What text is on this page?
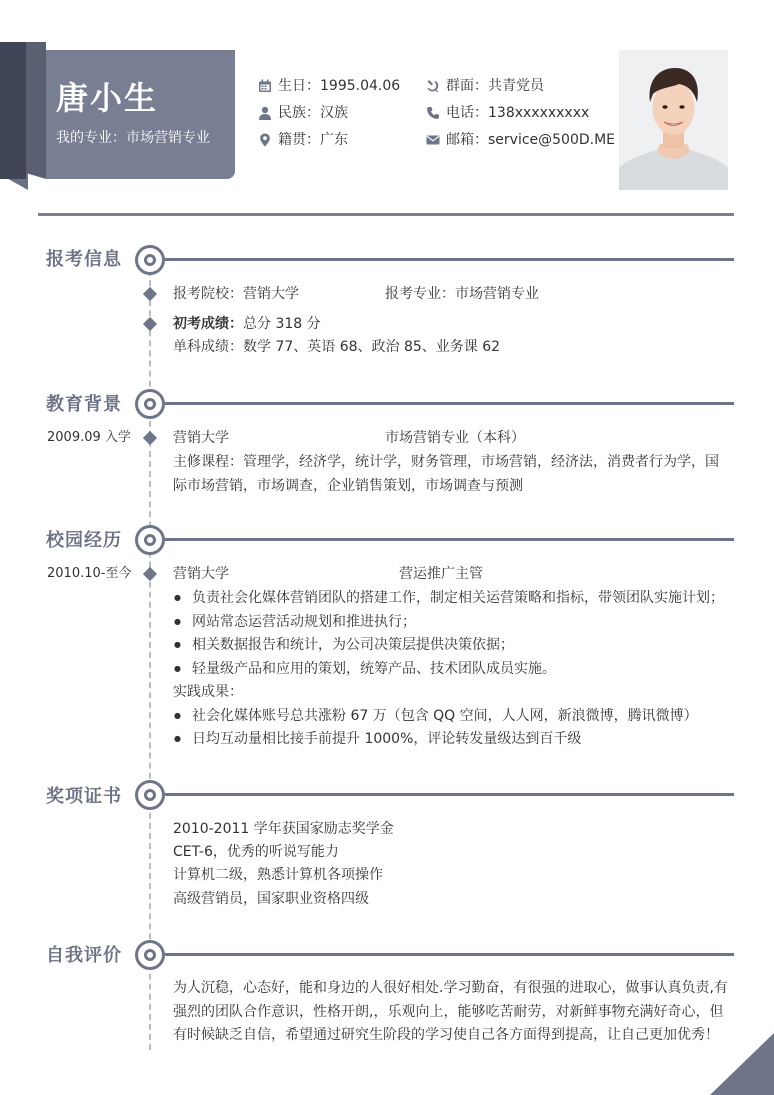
唐小生
我的专业：市场营销专业
生日：1995.04.06	群面：共青党员
民族：汉族	电话：138xxxxxxxxx
籍贯：广东	邮箱：service@500D.ME
报考信息
报考院校：营销大学	报考专业：市场营销专业
初考成绩：总分 318 分
单科成绩：数学 77、英语 68、政治 85、业务课 62
教育背景
2009.09 入学	营销大学	市场营销专业（本科）
主修课程：管理学，经济学，统计学，财务管理，市场营销，经济法，消费者行为学，国际市场营销，市场调查，企业销售策划，市场调查与预测
校园经历
2010.10-至今	营销大学	营运推广主管
● 负责社会化媒体营销团队的搭建工作，制定相关运营策略和指标，带领团队实施计划；
● 网站常态运营活动规划和推进执行；
● 相关数据报告和统计，为公司决策层提供决策依据；
● 轻量级产品和应用的策划，统筹产品、技术团队成员实施。
实践成果：
● 社会化媒体账号总共涨粉 67 万（包含 QQ 空间，人人网，新浪微博，腾讯微博）
● 日均互动量相比接手前提升 1000%，评论转发量级达到百千级
奖项证书
2010-2011 学年获国家励志奖学金
CET-6，优秀的听说写能力
计算机二级，熟悉计算机各项操作
高级营销员，国家职业资格四级
自我评价
为人沉稳，心态好，能和身边的人很好相处.学习勤奋，有很强的进取心，做事认真负责,有强烈的团队合作意识，性格开朗,，乐观向上，能够吃苦耐劳，对新鲜事物充满好奇心，但有时候缺乏自信，希望通过研究生阶段的学习使自己各方面得到提高，让自己更加优秀！
